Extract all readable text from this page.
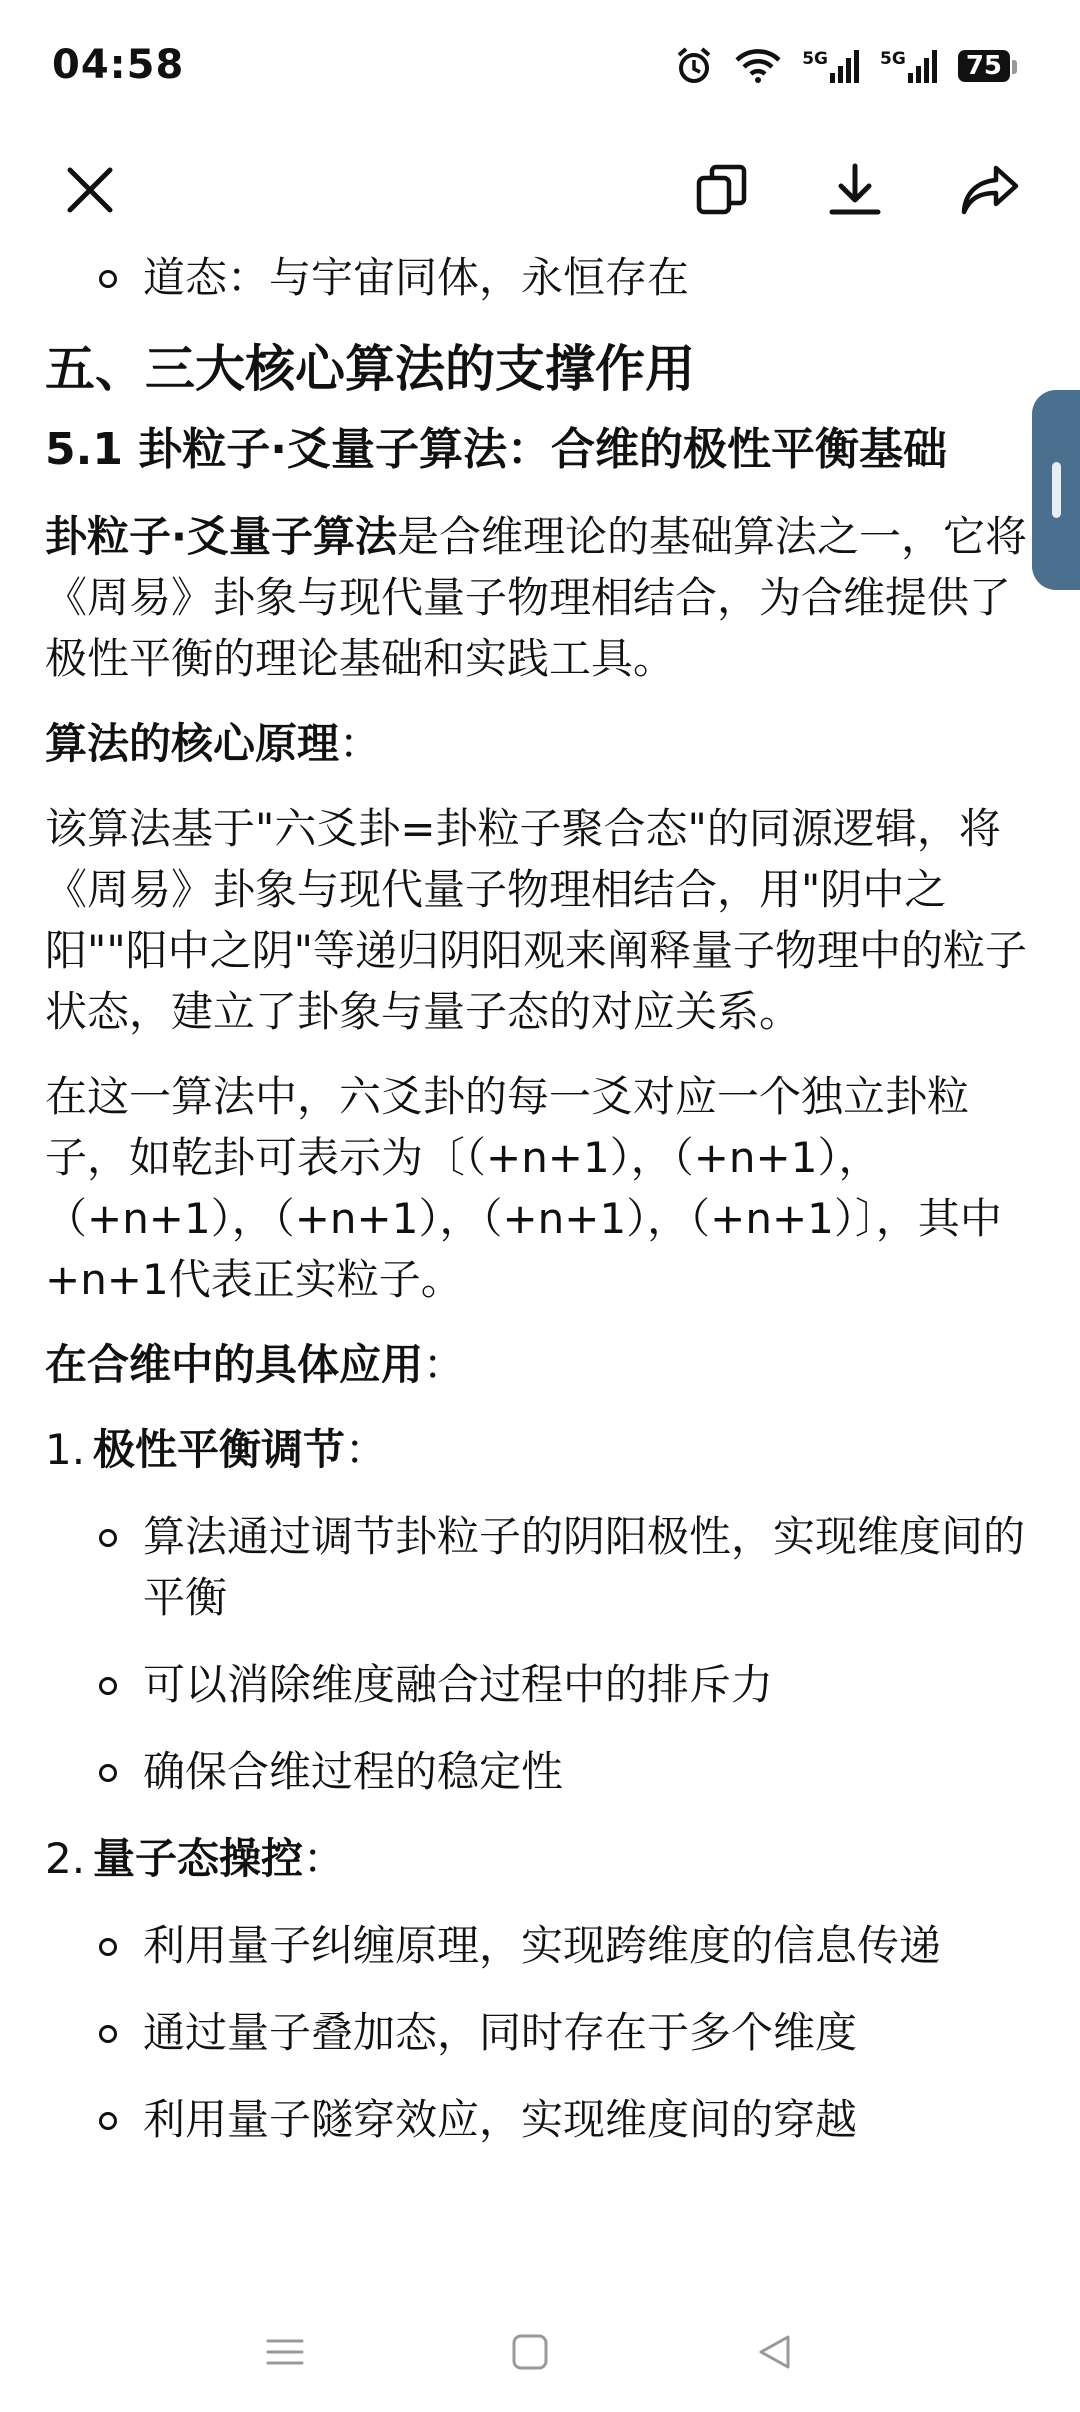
04:58	5G	5G	75
道态：与宇宙同体，永恒存在
五、三大核心算法的支撑作用
5.1 卦粒子·爻量子算法：合维的极性平衡基础

卦粒子·爻量子算法是合维理论的基础算法之一，它将《周易》卦象与现代量子物理相结合，为合维提供了极性平衡的理论基础和实践工具。

算法的核心原理：

该算法基于"六爻卦=卦粒子聚合态"的同源逻辑，将《周易》卦象与现代量子物理相结合，用"阴中之阳""阳中之阴"等递归阴阳观来阐释量子物理中的粒子状态，建立了卦象与量子态的对应关系。

在这一算法中，六爻卦的每一爻对应一个独立卦粒子，如乾卦可表示为〔（+n+1），（+n+1），（+n+1），（+n+1），（+n+1），（+n+1）〕，其中+n+1代表正实粒子。

在合维中的具体应用：

1. 极性平衡调节：
算法通过调节卦粒子的阴阳极性，实现维度间的平衡
可以消除维度融合过程中的排斥力
确保合维过程的稳定性
2. 量子态操控：
利用量子纠缠原理，实现跨维度的信息传递
通过量子叠加态，同时存在于多个维度
利用量子隧穿效应，实现维度间的穿越
